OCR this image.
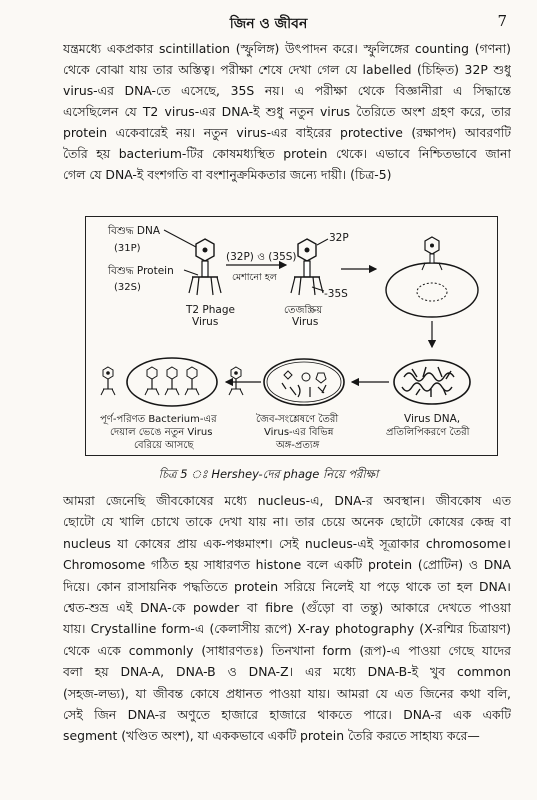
জিন ও জীবন	7

যন্ত্রমধ্যে একপ্রকার scintillation (স্ফুলিঙ্গ) উৎপাদন করে। স্ফুলিঙ্গের counting (গণনা)
থেকে বোঝা যায় তার অস্তিত্ব। পরীক্ষা শেষে দেখা গেল যে labelled (চিহ্নিত) 32P শুধু
virus-এর DNA-তে এসেছে, 35S নয়। এ পরীক্ষা থেকে বিজ্ঞানীরা এ সিদ্ধান্তে
এসেছিলেন যে T2 virus-এর DNA-ই শুধু নতুন virus তৈরিতে অংশ গ্রহণ করে, তার
protein একেবারেই নয়। নতুন virus-এর বাইরের protective (রক্ষাপদ) আবরণটি
তৈরি হয় bacterium-টির কোষমধ্যস্থিত protein থেকে। এভাবে নিশ্চিতভাবে জানা
গেল যে DNA-ই বংশগতি বা বংশানুক্রমিকতার জন্যে দায়ী। (চিত্র-5)

বিশুদ্ধ DNA
(31P)
বিশুদ্ধ Protein
(32S)
T2 Phage
Virus
(32P) ও (35S)
মেশানো হল
32P
-35S
তেজস্ক্রিয়
Virus
পূর্ণ-পরিণত Bacterium-এর
দেয়াল ভেঙে নতুন Virus
বেরিয়ে আসছে
জৈব-সংশ্লেষণে তৈরী
Virus-এর বিভিন্ন
অঙ্গ-প্রত্যঙ্গ
Virus DNA,
প্রতিলিপিকরণে তৈরী
চিত্র 5 ঃ Hershey-দের phage নিয়ে পরীক্ষা

আমরা জেনেছি জীবকোষের মধ্যে nucleus-এ, DNA-র অবস্থান। জীবকোষ এত
ছোটো যে খালি চোখে তাকে দেখা যায় না। তার চেয়ে অনেক ছোটো কোষের কেন্দ্র বা
nucleus যা কোষের প্রায় এক-পঞ্চমাংশ। সেই nucleus-এই সূত্রাকার chromosome।
Chromosome গঠিত হয় সাধারণত histone বলে একটি protein (প্রোটিন) ও DNA
দিয়ে। কোন রাসায়নিক পদ্ধতিতে protein সরিয়ে নিলেই যা পড়ে থাকে তা হল DNA।
শ্বেত-শুভ্র এই DNA-কে powder বা fibre (গুঁড়ো বা তন্তু) আকারে দেখতে পাওয়া
যায়। Crystalline form-এ (কেলাসীয় রূপে) X-ray photography (X-রশ্মির চিত্রায়ণ)
থেকে একে commonly (সাধারণতঃ) তিনখানা form (রূপ)-এ পাওয়া গেছে যাদের
বলা হয় DNA-A, DNA-B ও DNA-Z। এর মধ্যে DNA-B-ই খুব common
(সহজ-লভ্য), যা জীবন্ত কোষে প্রধানত পাওয়া যায়। আমরা যে এত জিনের কথা বলি,
সেই জিন DNA-র অণুতে হাজারে হাজারে থাকতে পারে। DNA-র এক একটি
segment (খণ্ডিত অংশ), যা এককভাবে একটি protein তৈরি করতে সাহায্য করে—
